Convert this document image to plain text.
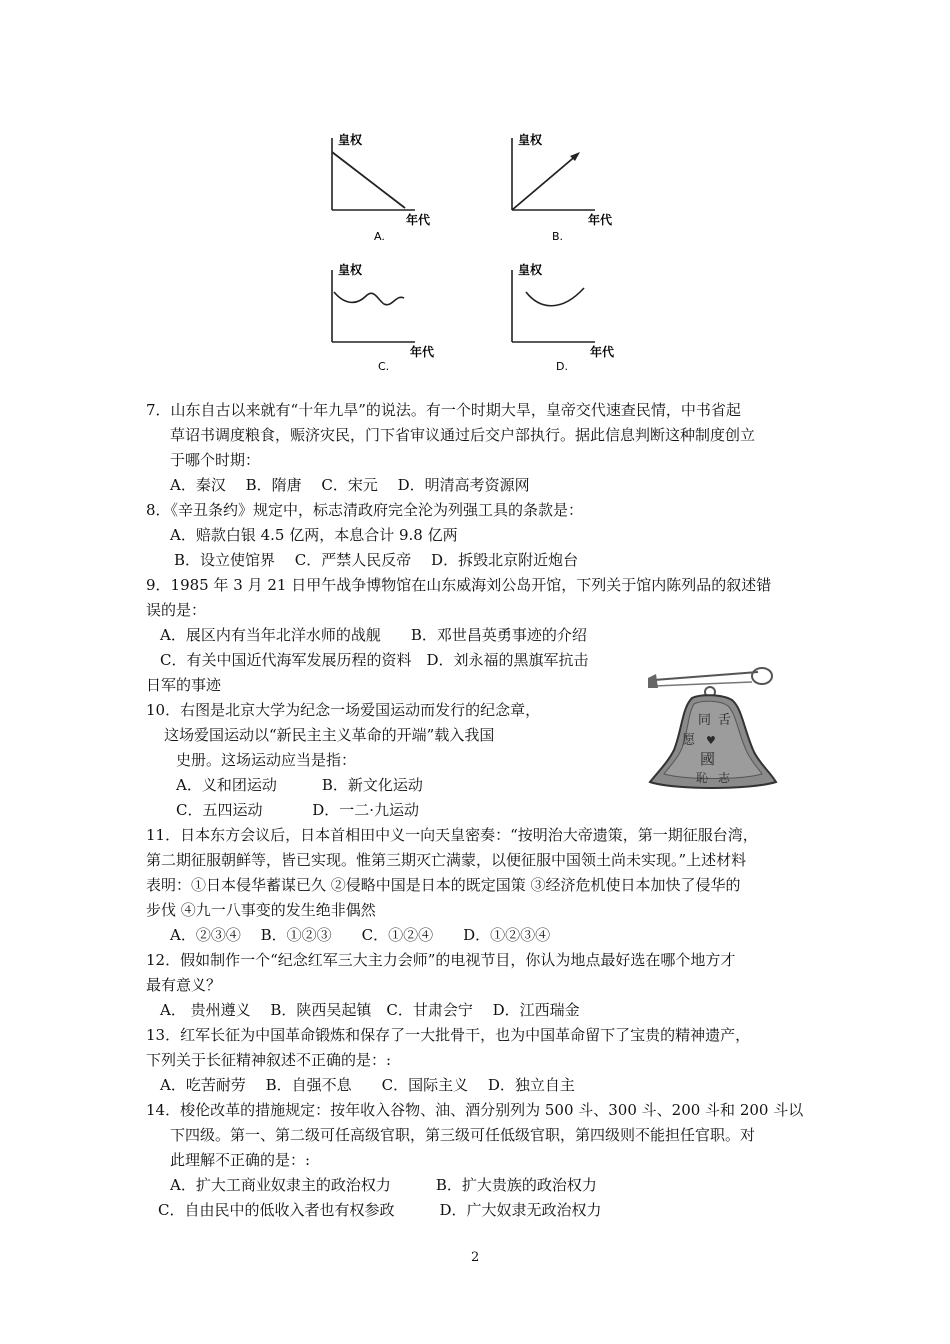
皇权
年代
A.
皇权
年代
B.
皇权
年代
C.
皇权
年代
D.
同 舌
愿 ♥
國
恥 志
7．山东自古以来就有“十年九旱”的说法。有一个时期大旱，皇帝交代速查民情，中书省起
草诏书调度粮食，赈济灾民，门下省审议通过后交户部执行。据此信息判断这种制度创立
于哪个时期：
A．秦汉　 B．隋唐　 C．宋元　 D．明清高考资源网
8．《辛丑条约》规定中，标志清政府完全沦为列强工具的条款是：
A．赔款白银 4.5 亿两，本息合计 9.8 亿两
B．设立使馆界　 C．严禁人民反帝　 D．拆毁北京附近炮台
9．1985 年 3 月 21 日甲午战争博物馆在山东威海刘公岛开馆，下列关于馆内陈列品的叙述错
误的是：
A．展区内有当年北洋水师的战舰　　B．邓世昌英勇事迹的介绍
C．有关中国近代海军发展历程的资料　D．刘永福的黑旗军抗击
日军的事迹
10．右图是北京大学为纪念一场爱国运动而发行的纪念章，
这场爱国运动以“新民主主义革命的开端”载入我国
史册。这场运动应当是指：
A．义和团运动　　　B．新文化运动
C．五四运动　　　 D．一二·九运动
11．日本东方会议后，日本首相田中义一向天皇密奏：“按明治大帝遗策，第一期征服台湾，
第二期征服朝鲜等，皆已实现。惟第三期灭亡满蒙，以便征服中国领土尚未实现。”上述材料
表明：①日本侵华蓄谋已久 ②侵略中国是日本的既定国策 ③经济危机使日本加快了侵华的
步伐 ④九一八事变的发生绝非偶然
A．②③④　 B．①②③　　C．①②④　　D．①②③④
12．假如制作一个“纪念红军三大主力会师”的电视节目，你认为地点最好选在哪个地方才
最有意义？
A． 贵州遵义　 B．陕西吴起镇　C．甘肃会宁　 D．江西瑞金
13．红军长征为中国革命锻炼和保存了一大批骨干，也为中国革命留下了宝贵的精神遗产，
下列关于长征精神叙述不正确的是：:
A．吃苦耐劳　 B．自强不息　　C．国际主义　 D．独立自主
14．梭伦改革的措施规定：按年收入谷物、油、酒分别列为 500 斗、300 斗、200 斗和 200 斗以
下四级。第一、第二级可任高级官职，第三级可任低级官职，第四级则不能担任官职。对
此理解不正确的是：:
A．扩大工商业奴隶主的政治权力　　　B．扩大贵族的政治权力
C．自由民中的低收入者也有权参政　　　D．广大奴隶无政治权力
2
